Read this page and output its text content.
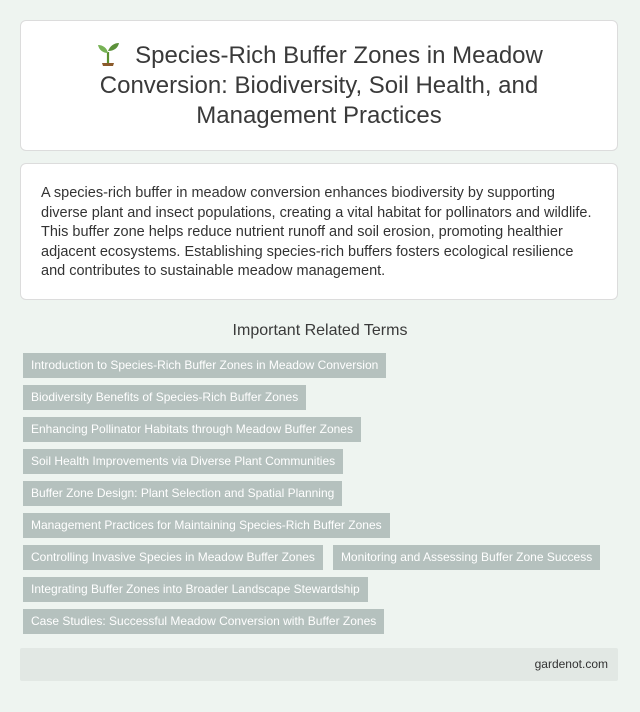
Species-Rich Buffer Zones in Meadow Conversion: Biodiversity, Soil Health, and Management Practices

A species-rich buffer in meadow conversion enhances biodiversity by supporting diverse plant and insect populations, creating a vital habitat for pollinators and wildlife. This buffer zone helps reduce nutrient runoff and soil erosion, promoting healthier adjacent ecosystems. Establishing species-rich buffers fosters ecological resilience and contributes to sustainable meadow management.

Important Related Terms
Introduction to Species-Rich Buffer Zones in Meadow Conversion
Biodiversity Benefits of Species-Rich Buffer Zones
Enhancing Pollinator Habitats through Meadow Buffer Zones
Soil Health Improvements via Diverse Plant Communities
Buffer Zone Design: Plant Selection and Spatial Planning
Management Practices for Maintaining Species-Rich Buffer Zones
Controlling Invasive Species in Meadow Buffer Zones	Monitoring and Assessing Buffer Zone Success
Integrating Buffer Zones into Broader Landscape Stewardship
Case Studies: Successful Meadow Conversion with Buffer Zones
gardenot.com
